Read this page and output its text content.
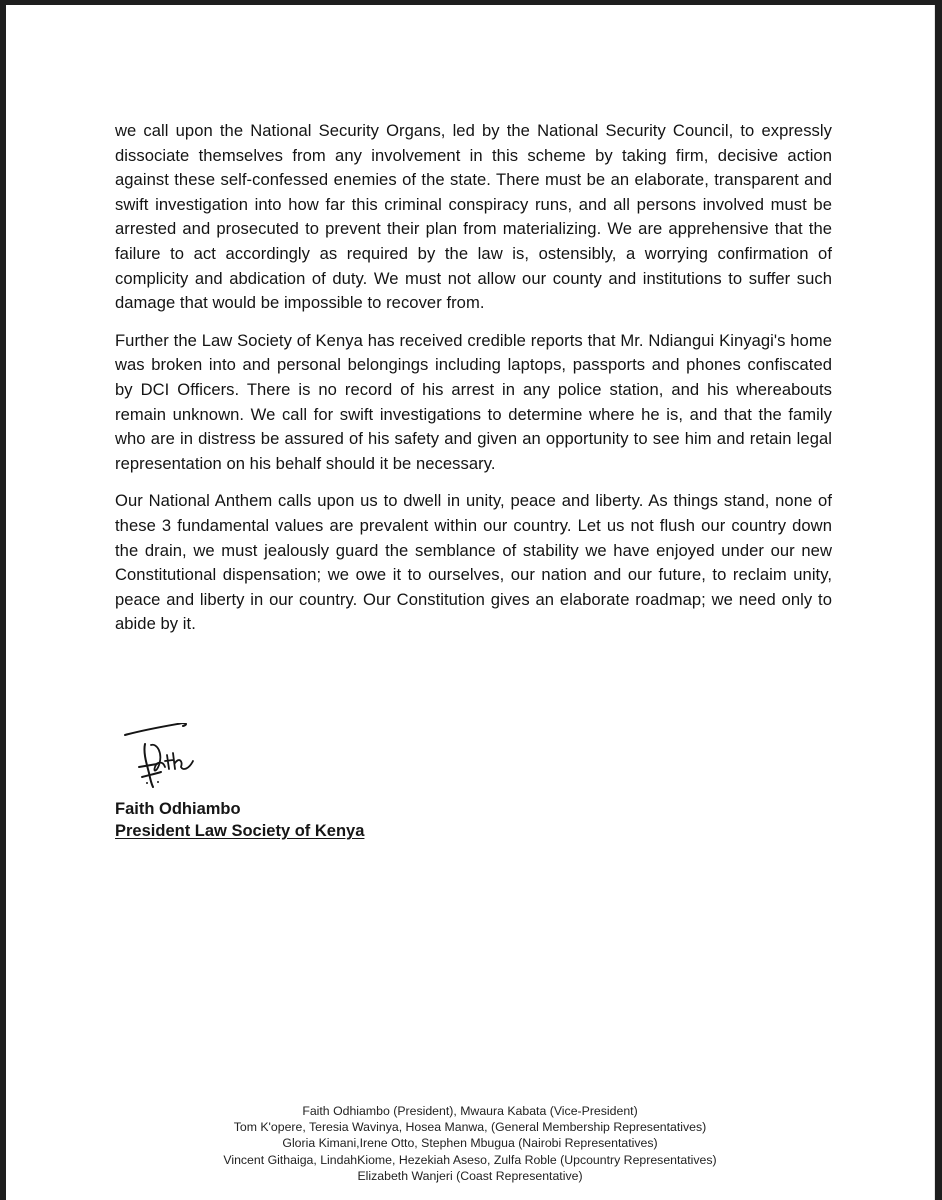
we call upon the National Security Organs, led by the National Security Council, to expressly dissociate themselves from any involvement in this scheme by taking firm, decisive action against these self-confessed enemies of the state. There must be an elaborate, transparent and swift investigation into how far this criminal conspiracy runs, and all persons involved must be arrested and prosecuted to prevent their plan from materializing. We are apprehensive that the failure to act accordingly as required by the law is, ostensibly, a worrying confirmation of complicity and abdication of duty. We must not allow our county and institutions to suffer such damage that would be impossible to recover from.

Further the Law Society of Kenya has received credible reports that Mr. Ndiangui Kinyagi's home was broken into and personal belongings including laptops, passports and phones confiscated by DCI Officers. There is no record of his arrest in any police station, and his whereabouts remain unknown. We call for swift investigations to determine where he is, and that the family who are in distress be assured of his safety and given an opportunity to see him and retain legal representation on his behalf should it be necessary.

Our National Anthem calls upon us to dwell in unity, peace and liberty. As things stand, none of these 3 fundamental values are prevalent within our country. Let us not flush our country down the drain, we must jealously guard the semblance of stability we have enjoyed under our new Constitutional dispensation; we owe it to ourselves, our nation and our future, to reclaim unity, peace and liberty in our country. Our Constitution gives an elaborate roadmap; we need only to abide by it.

Faith Odhiambo
President Law Society of Kenya
Faith Odhiambo (President), Mwaura Kabata (Vice-President)
Tom K'opere, Teresia Wavinya, Hosea Manwa, (General Membership Representatives)
Gloria Kimani,Irene Otto, Stephen Mbugua (Nairobi Representatives)
Vincent Githaiga, LindahKiome, Hezekiah Aseso, Zulfa Roble (Upcountry Representatives)
Elizabeth Wanjeri (Coast Representative)
